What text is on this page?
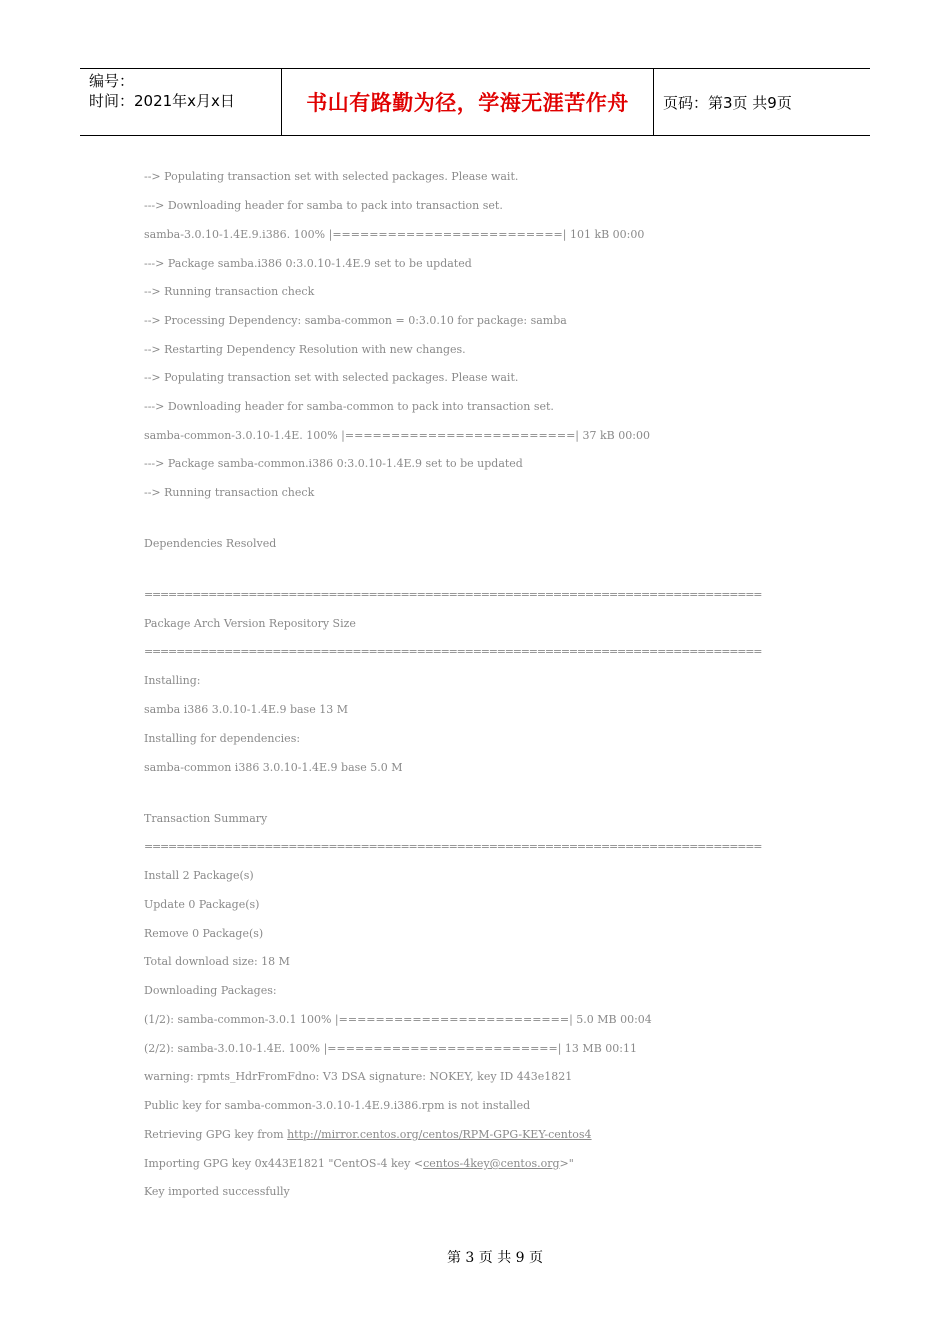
编号：
时间：2021年x月x日	书山有路勤为径，学海无涯苦作舟 页码：第3页 共9页
--> Populating transaction set with selected packages. Please wait.
---> Downloading header for samba to pack into transaction set.
samba-3.0.10-1.4E.9.i386. 100% |=========================| 101 kB 00:00
---> Package samba.i386 0:3.0.10-1.4E.9 set to be updated
--> Running transaction check
--> Processing Dependency: samba-common = 0:3.0.10 for package: samba
--> Restarting Dependency Resolution with new changes.
--> Populating transaction set with selected packages. Please wait.
---> Downloading header for samba-common to pack into transaction set.
samba-common-3.0.10-1.4E. 100% |=========================| 37 kB 00:00
---> Package samba-common.i386 0:3.0.10-1.4E.9 set to be updated
--> Running transaction check
Dependencies Resolved
=============================================================================
Package Arch Version Repository Size
=============================================================================
Installing:
samba i386 3.0.10-1.4E.9 base 13 M
Installing for dependencies:
samba-common i386 3.0.10-1.4E.9 base 5.0 M
Transaction Summary
=============================================================================
Install 2 Package(s)
Update 0 Package(s)
Remove 0 Package(s)
Total download size: 18 M
Downloading Packages:
(1/2): samba-common-3.0.1 100% |=========================| 5.0 MB 00:04
(2/2): samba-3.0.10-1.4E. 100% |=========================| 13 MB 00:11
warning: rpmts_HdrFromFdno: V3 DSA signature: NOKEY, key ID 443e1821
Public key for samba-common-3.0.10-1.4E.9.i386.rpm is not installed
Retrieving GPG key from http://mirror.centos.org/centos/RPM-GPG-KEY-centos4
Importing GPG key 0x443E1821 "CentOS-4 key <centos-4key@centos.org>"
Key imported successfully
第 3 页 共 9 页
